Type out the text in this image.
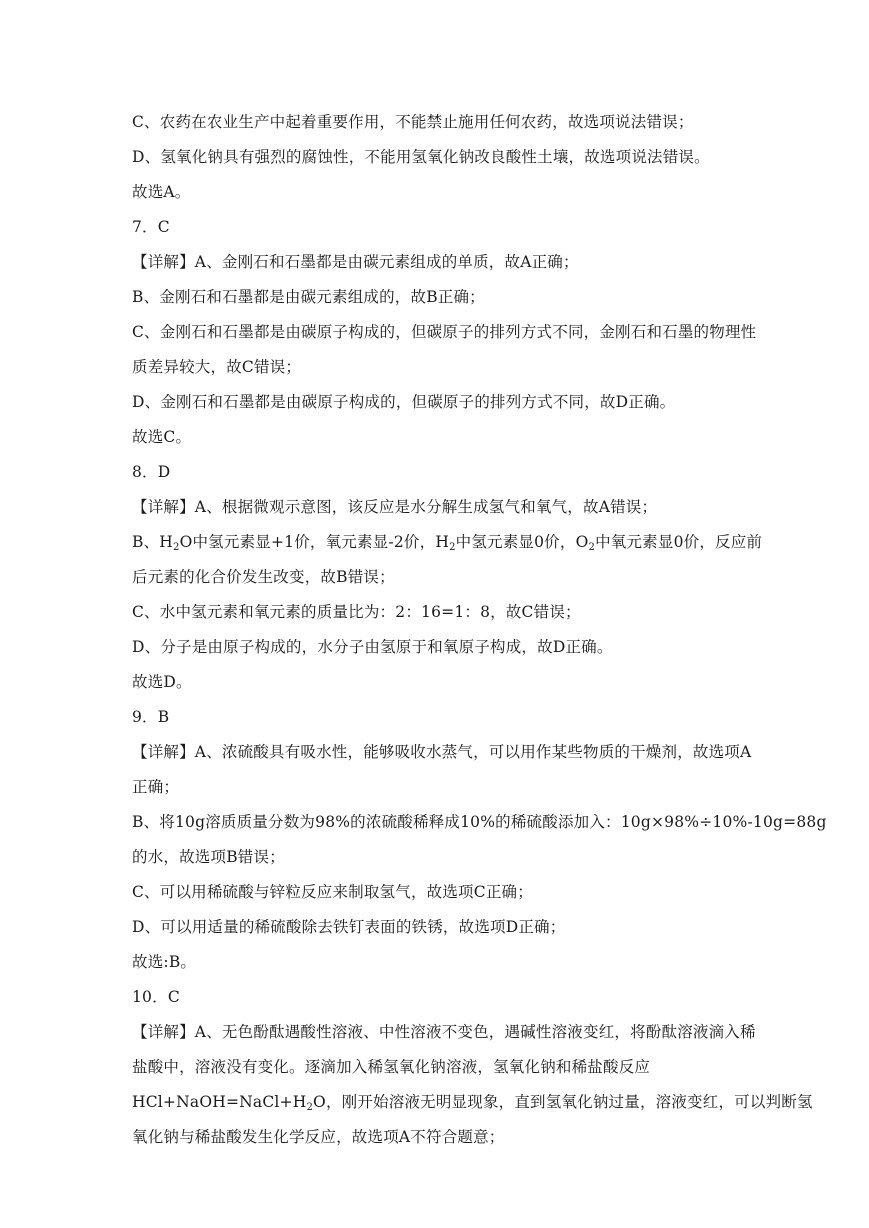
C、农药在农业生产中起着重要作用，不能禁止施用任何农药，故选项说法错误；
D、氢氧化钠具有强烈的腐蚀性，不能用氢氧化钠改良酸性土壤，故选项说法错误。
故选A。
7．C
【详解】A、金刚石和石墨都是由碳元素组成的单质，故A正确；
B、金刚石和石墨都是由碳元素组成的，故B正确；
C、金刚石和石墨都是由碳原子构成的，但碳原子的排列方式不同，金刚石和石墨的物理性
质差异较大，故C错误；
D、金刚石和石墨都是由碳原子构成的，但碳原子的排列方式不同，故D正确。
故选C。
8．D
【详解】A、根据微观示意图，该反应是水分解生成氢气和氧气，故A错误；
B、$H_2O$中氢元素显+1价，氧元素显-2价，$H_2$中氢元素显0价，$O_2$中氧元素显0价，反应前
后元素的化合价发生改变，故B错误；
C、水中氢元素和氧元素的质量比为：2：16=1：8，故C错误；
D、分子是由原子构成的，水分子由氢原于和氧原子构成，故D正确。
故选D。
9．B
【详解】A、浓硫酸具有吸水性，能够吸收水蒸气，可以用作某些物质的干燥剂，故选项A
正确；
B、将10g溶质质量分数为98%的浓硫酸稀释成10%的稀硫酸添加入：10g×98%÷10%-10g=88g
的水，故选项B错误；
C、可以用稀硫酸与锌粒反应来制取氢气，故选项C正确；
D、可以用适量的稀硫酸除去铁钉表面的铁锈，故选项D正确；
故选:B。
10．C
【详解】A、无色酚酞遇酸性溶液、中性溶液不变色，遇碱性溶液变红，将酚酞溶液滴入稀
盐酸中，溶液没有变化。逐滴加入稀氢氧化钠溶液，氢氧化钠和稀盐酸反应
$HCl+NaOH=NaCl+H_2O$，刚开始溶液无明显现象，直到氢氧化钠过量，溶液变红，可以判断氢
氧化钠与稀盐酸发生化学反应，故选项A不符合题意；
